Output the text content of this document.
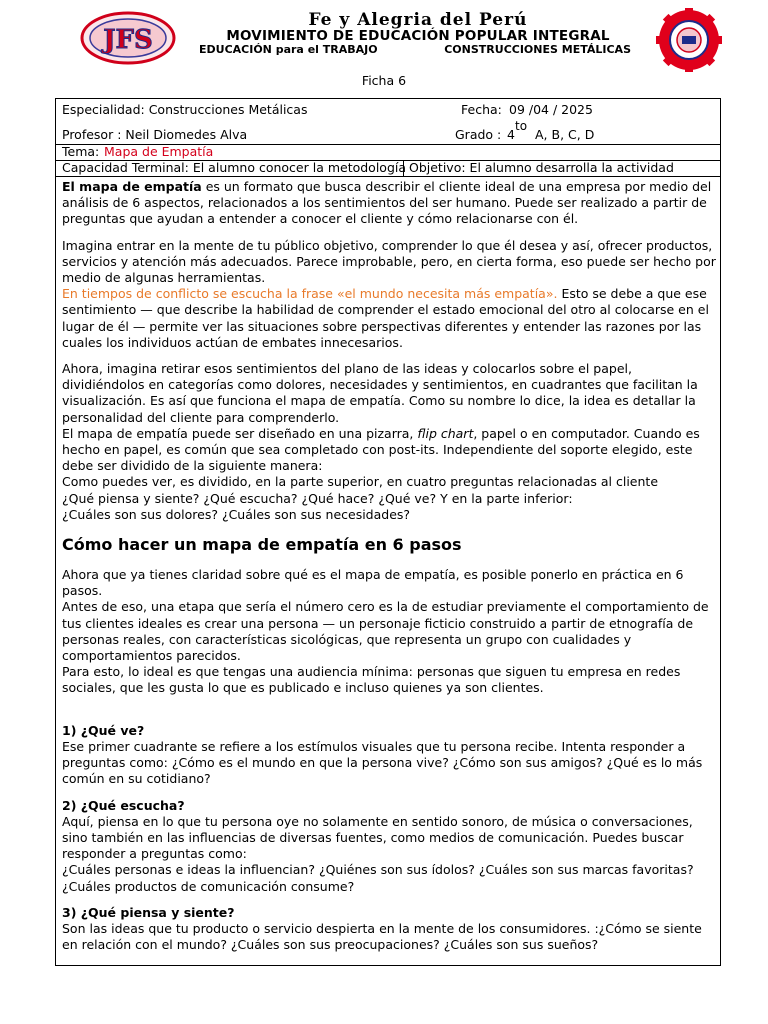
JFS
Fe y Alegria del Perú
MOVIMIENTO DE EDUCACIÓN POPULAR INTEGRAL
EDUCACIÓN para el TRABAJO	CONSTRUCCIONES METÁLICAS
Ficha 6
Especialidad: Construcciones Metálicas	Fecha: 09 /04 / 2025
Profesor : Neil Diomedes Alva	Grado : 4
to
A, B, C, D
Tema: Mapa de Empatía
Capacidad Terminal: El alumno conocer la metodología Objetivo: El alumno desarrolla la actividad

El mapa de empatía es un formato que busca describir el cliente ideal de una empresa por medio del análisis de 6 aspectos, relacionados a los sentimientos del ser humano. Puede ser realizado a partir de preguntas que ayudan a entender a conocer el cliente y cómo relacionarse con él.

Imagina entrar en la mente de tu público objetivo, comprender lo que él desea y así, ofrecer productos, servicios y atención más adecuados. Parece improbable, pero, en cierta forma, eso puede ser hecho por medio de algunas herramientas.

En tiempos de conflicto se escucha la frase «el mundo necesita más empatía». Esto se debe a que ese sentimiento — que describe la habilidad de comprender el estado emocional del otro al colocarse en el lugar de él — permite ver las situaciones sobre perspectivas diferentes y entender las razones por las cuales los individuos actúan de embates innecesarios.

Ahora, imagina retirar esos sentimientos del plano de las ideas y colocarlos sobre el papel, dividiéndolos en categorías como dolores, necesidades y sentimientos, en cuadrantes que facilitan la visualización. Es así que funciona el mapa de empatía. Como su nombre lo dice, la idea es detallar la personalidad del cliente para comprenderlo.

El mapa de empatía puede ser diseñado en una pizarra, flip chart, papel o en computador. Cuando es hecho en papel, es común que sea completado con post-its. Independiente del soporte elegido, este debe ser dividido de la siguiente manera:

Como puedes ver, es dividido, en la parte superior, en cuatro preguntas relacionadas al cliente

¿Qué piensa y siente? ¿Qué escucha? ¿Qué hace? ¿Qué ve? Y en la parte inferior:

¿Cuáles son sus dolores? ¿Cuáles son sus necesidades?

Cómo hacer un mapa de empatía en 6 pasos

Ahora que ya tienes claridad sobre qué es el mapa de empatía, es posible ponerlo en práctica en 6 pasos.

Antes de eso, una etapa que sería el número cero es la de estudiar previamente el comportamiento de tus clientes ideales es crear una persona — un personaje ficticio construido a partir de etnografía de personas reales, con características sicológicas, que representa un grupo con cualidades y comportamientos parecidos.

Para esto, lo ideal es que tengas una audiencia mínima: personas que siguen tu empresa en redes sociales, que les gusta lo que es publicado e incluso quienes ya son clientes.

1) ¿Qué ve?

Ese primer cuadrante se refiere a los estímulos visuales que tu persona recibe. Intenta responder a preguntas como: ¿Cómo es el mundo en que la persona vive? ¿Cómo son sus amigos? ¿Qué es lo más común en su cotidiano?

2) ¿Qué escucha?

Aquí, piensa en lo que tu persona oye no solamente en sentido sonoro, de música o conversaciones, sino también en las influencias de diversas fuentes, como medios de comunicación. Puedes buscar responder a preguntas como:

¿Cuáles personas e ideas la influencian? ¿Quiénes son sus ídolos? ¿Cuáles son sus marcas favoritas?

¿Cuáles productos de comunicación consume?

3) ¿Qué piensa y siente?

Son las ideas que tu producto o servicio despierta en la mente de los consumidores. :¿Cómo se siente en relación con el mundo? ¿Cuáles son sus preocupaciones? ¿Cuáles son sus sueños?
